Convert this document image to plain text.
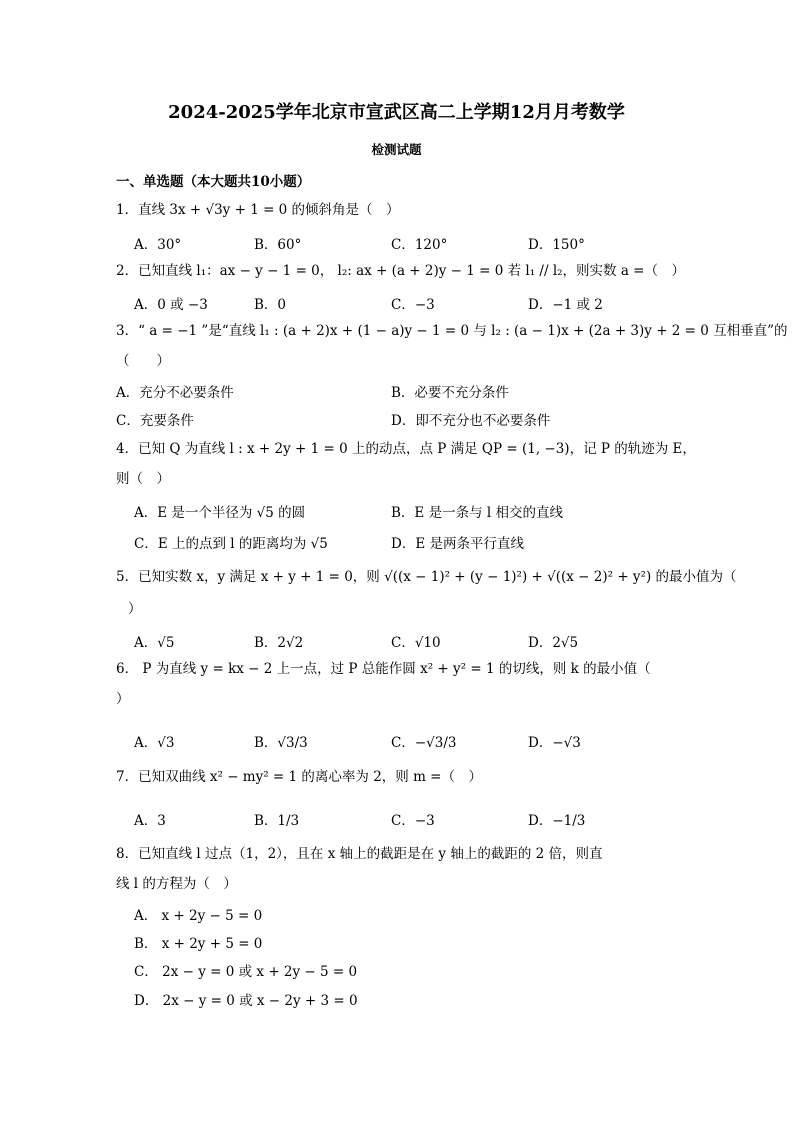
2024-2025学年北京市宣武区高二上学期12月月考数学
检测试题
一、单选题（本大题共10小题）
1．直线 3x + √3y + 1 = 0 的倾斜角是（　）
A．30°	B．60°	C．120°	D．150°
2．已知直线 l₁：ax − y − 1 = 0， l₂: ax + (a + 2)y − 1 = 0 若 l₁ // l₂，则实数 a =（　）
A．0 或 −3	B．0	C．−3	D．−1 或 2
3．“ a = −1 ”是“直线 l₁ : (a + 2)x + (1 − a)y − 1 = 0 与 l₂ : (a − 1)x + (2a + 3)y + 2 = 0 互相垂直”的
（　　）
A．充分不必要条件	B．必要不充分条件
C．充要条件	D．即不充分也不必要条件
4．已知 Q 为直线 l : x + 2y + 1 = 0 上的动点，点 P 满足 QP = (1, −3)，记 P 的轨迹为 E，
则（　）
A．E 是一个半径为 √5 的圆	B．E 是一条与 l 相交的直线
C．E 上的点到 l 的距离均为 √5	D．E 是两条平行直线
5．已知实数 x，y 满足 x + y + 1 = 0，则 √((x − 1)² + (y − 1)²) + √((x − 2)² + y²) 的最小值为（
）
A．√5	B．2√2	C．√10	D．2√5
6． P 为直线 y = kx − 2 上一点，过 P 总能作圆 x² + y² = 1 的切线，则 k 的最小值（
）
A．√3	B．√3/3	C．−√3/3	D．−√3
7．已知双曲线 x² − my² = 1 的离心率为 2，则 m =（　）
A．3	B．1/3	C．−3	D．−1/3
8．已知直线 l 过点（1，2），且在 x 轴上的截距是在 y 轴上的截距的 2 倍，则直
线 l 的方程为（　）
A． x + 2y − 5 = 0
B． x + 2y + 5 = 0
C． 2x − y = 0 或 x + 2y − 5 = 0
D． 2x − y = 0 或 x − 2y + 3 = 0
